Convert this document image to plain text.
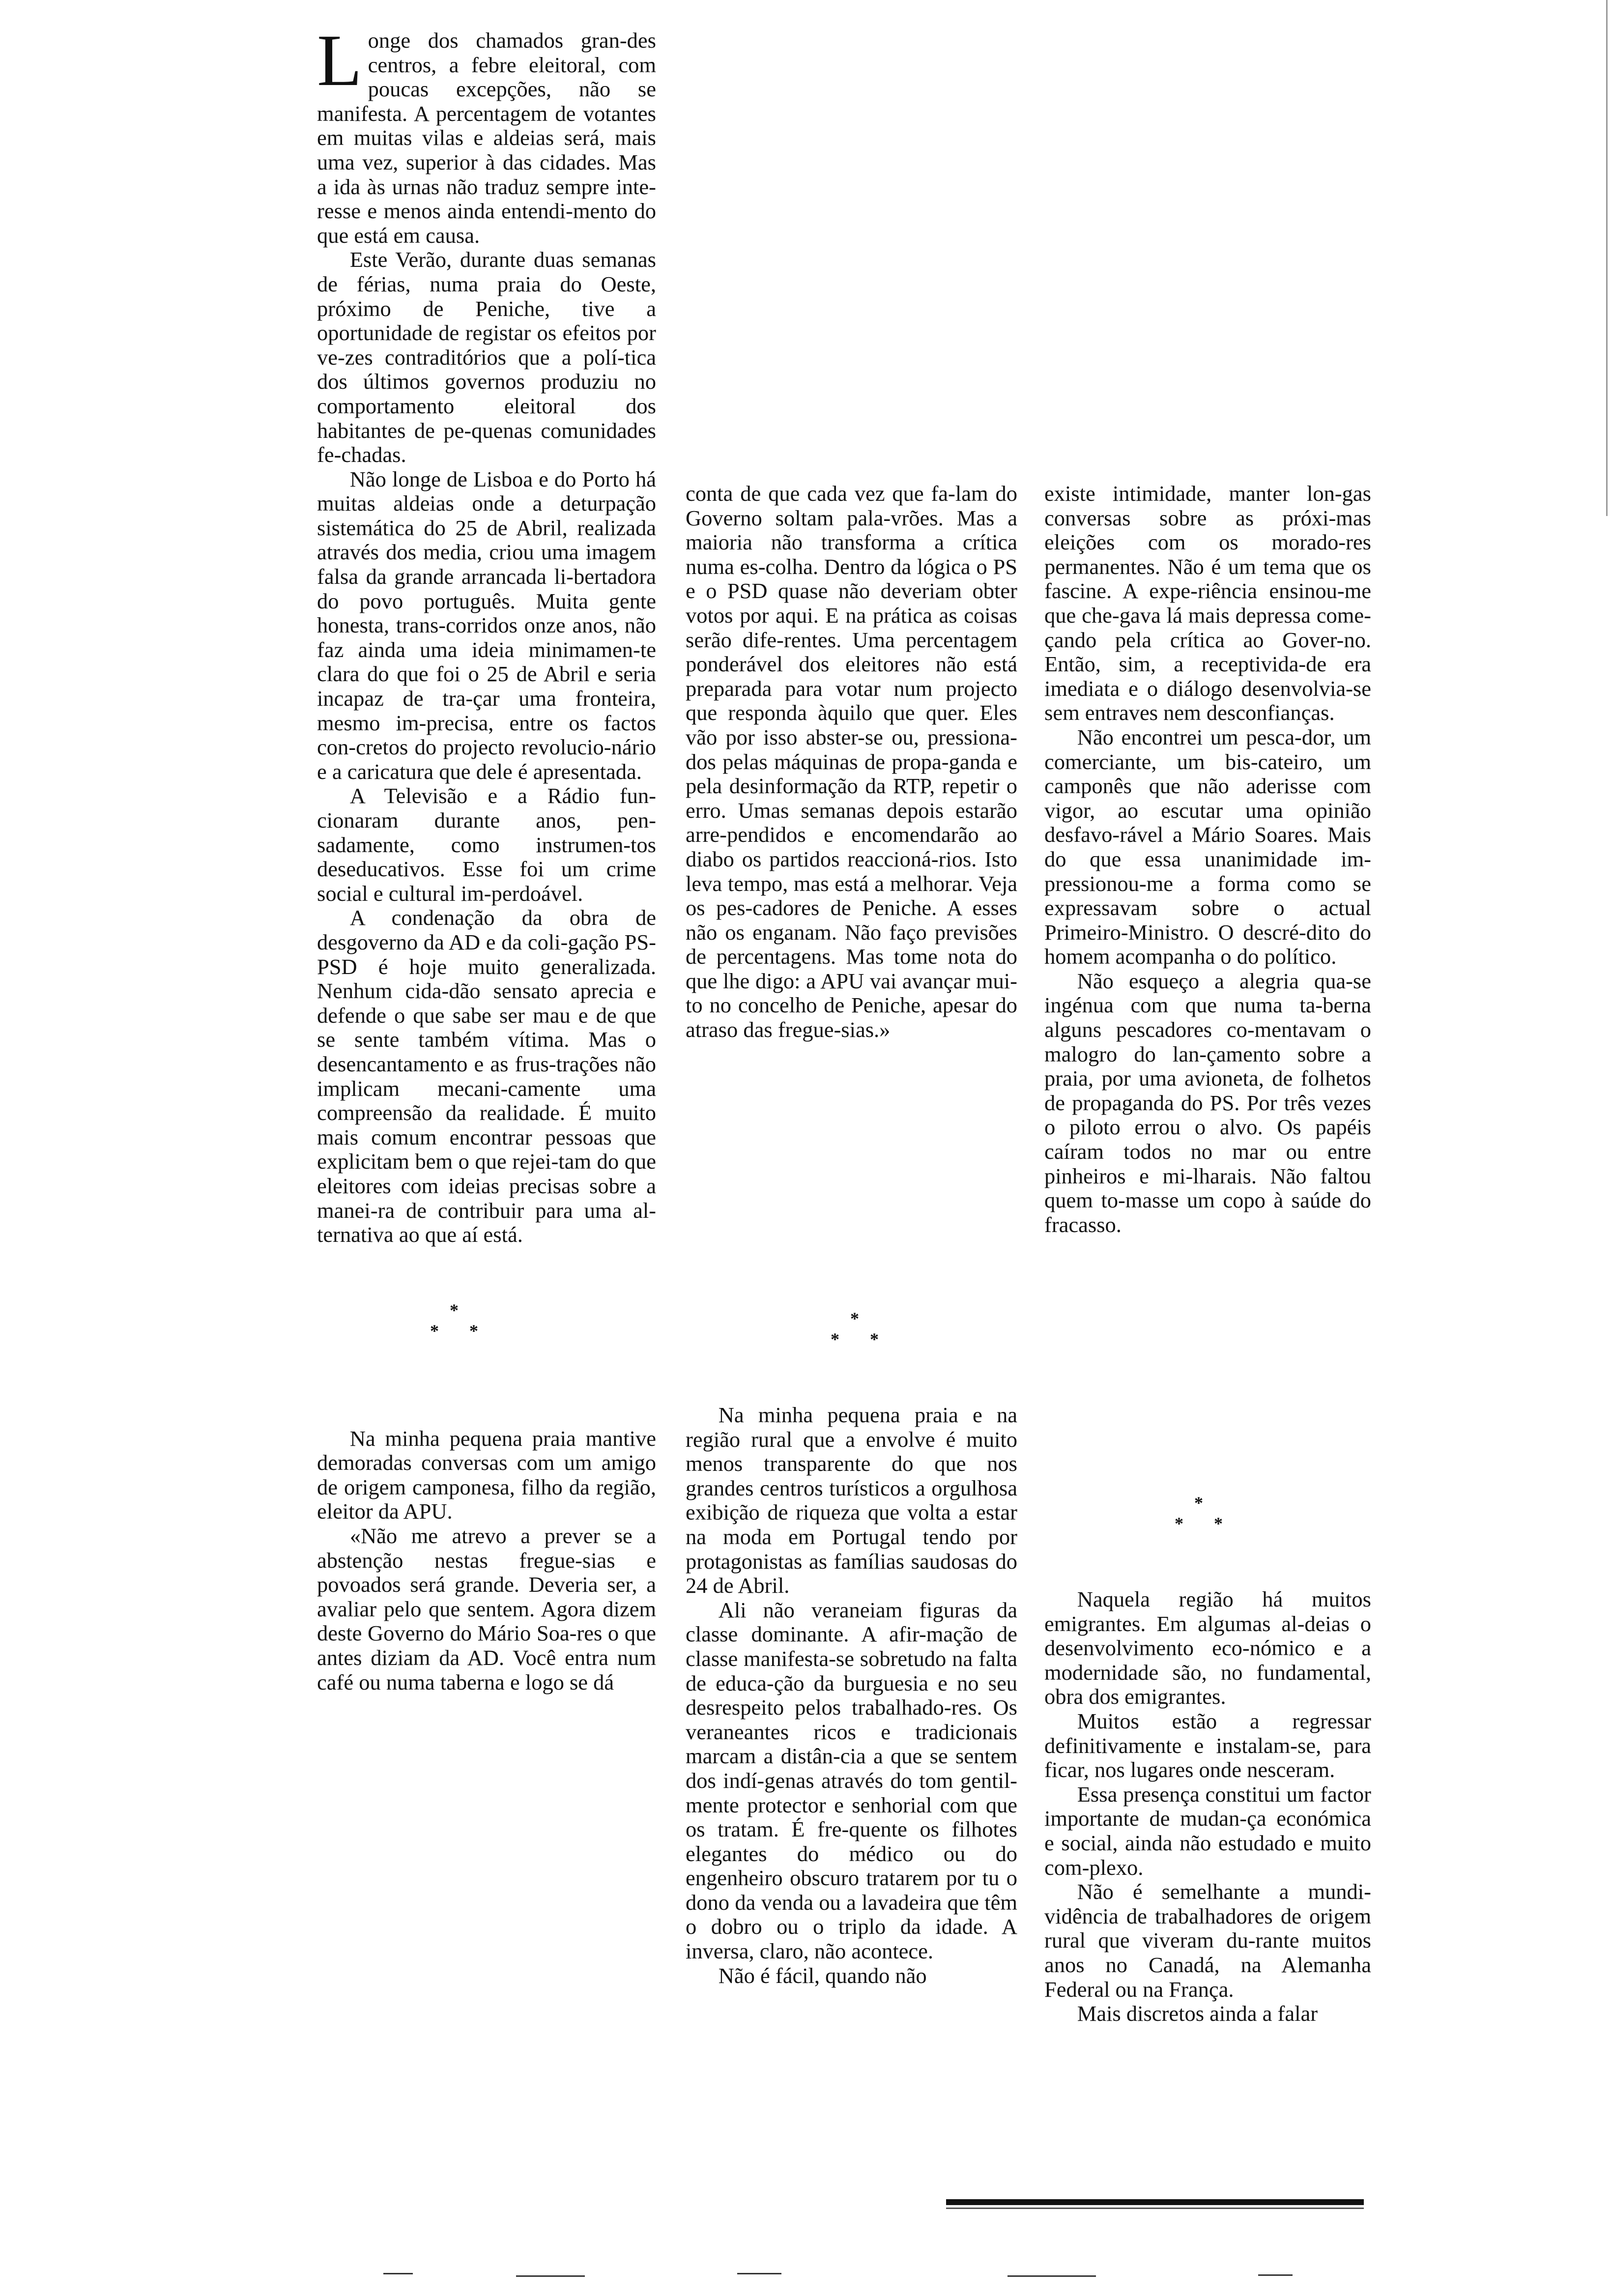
Longe dos chamados gran-des centros, a febre eleitoral, com poucas excepções, não se manifesta. A percentagem de votantes em muitas vilas e aldeias será, mais uma vez, superior à das cidades. Mas a ida às urnas não traduz sempre inte-resse e menos ainda entendi-mento do que está em causa.

Este Verão, durante duas semanas de férias, numa praia do Oeste, próximo de Peniche, tive a oportunidade de registar os efeitos por ve-zes contraditórios que a polí-tica dos últimos governos produziu no comportamento eleitoral dos habitantes de pe-quenas comunidades fe-chadas.

Não longe de Lisboa e do Porto há muitas aldeias onde a deturpação sistemática do 25 de Abril, realizada através dos media, criou uma imagem falsa da grande arrancada li-bertadora do povo português. Muita gente honesta, trans-corridos onze anos, não faz ainda uma ideia minimamen-te clara do que foi o 25 de Abril e seria incapaz de tra-çar uma fronteira, mesmo im-precisa, entre os factos con-cretos do projecto revolucio-nário e a caricatura que dele é apresentada.

A Televisão e a Rádio fun-cionaram durante anos, pen-sadamente, como instrumen-tos deseducativos. Esse foi um crime social e cultural im-perdoável.

A condenação da obra de desgoverno da AD e da coli-gação PS-PSD é hoje muito generalizada. Nenhum cida-dão sensato aprecia e defende o que sabe ser mau e de que se sente também vítima. Mas o desencantamento e as frus-trações não implicam mecani-camente uma compreensão da realidade. É muito mais comum encontrar pessoas que explicitam bem o que rejei-tam do que eleitores com ideias precisas sobre a manei-ra de contribuir para uma al-ternativa ao que aí está.

*
* *

Na minha pequena praia mantive demoradas conversas com um amigo de origem camponesa, filho da região, eleitor da APU.

«Não me atrevo a prever se a abstenção nestas fregue-sias e povoados será grande. Deveria ser, a avaliar pelo que sentem. Agora dizem deste Governo do Mário Soa-res o que antes diziam da AD. Você entra num café ou numa taberna e logo se dá

conta de que cada vez que fa-lam do Governo soltam pala-vrões. Mas a maioria não transforma a crítica numa es-colha. Dentro da lógica o PS e o PSD quase não deveriam obter votos por aqui. E na prática as coisas serão dife-rentes. Uma percentagem ponderável dos eleitores não está preparada para votar num projecto que responda àquilo que quer. Eles vão por isso abster-se ou, pressiona-dos pelas máquinas de propa-ganda e pela desinformação da RTP, repetir o erro. Umas semanas depois estarão arre-pendidos e encomendarão ao diabo os partidos reaccioná-rios. Isto leva tempo, mas está a melhorar. Veja os pes-cadores de Peniche. A esses não os enganam. Não faço previsões de percentagens. Mas tome nota do que lhe digo: a APU vai avançar mui-to no concelho de Peniche, apesar do atraso das fregue-sias.»

*
* *

Na minha pequena praia e na região rural que a envolve é muito menos transparente do que nos grandes centros turísticos a orgulhosa exibição de riqueza que volta a estar na moda em Portugal tendo por protagonistas as famílias saudosas do 24 de Abril.

Ali não veraneiam figuras da classe dominante. A afir-mação de classe manifesta-se sobretudo na falta de educa-ção da burguesia e no seu desrespeito pelos trabalhado-res. Os veraneantes ricos e tradicionais marcam a distân-cia a que se sentem dos indí-genas através do tom gentil-mente protector e senhorial com que os tratam. É fre-quente os filhotes elegantes do médico ou do engenheiro obscuro tratarem por tu o dono da venda ou a lavadeira que têm o dobro ou o triplo da idade. A inversa, claro, não acontece.

Não é fácil, quando não

existe intimidade, manter lon-gas conversas sobre as próxi-mas eleições com os morado-res permanentes. Não é um tema que os fascine. A expe-riência ensinou-me que che-gava lá mais depressa come-çando pela crítica ao Gover-no. Então, sim, a receptivida-de era imediata e o diálogo desenvolvia-se sem entraves nem desconfianças.

Não encontrei um pesca-dor, um comerciante, um bis-cateiro, um camponês que não aderisse com vigor, ao escutar uma opinião desfavo-rável a Mário Soares. Mais do que essa unanimidade im-pressionou-me a forma como se expressavam sobre o actual Primeiro-Ministro. O descré-dito do homem acompanha o do político.

Não esqueço a alegria qua-se ingénua com que numa ta-berna alguns pescadores co-mentavam o malogro do lan-çamento sobre a praia, por uma avioneta, de folhetos de propaganda do PS. Por três vezes o piloto errou o alvo. Os papéis caíram todos no mar ou entre pinheiros e mi-lharais. Não faltou quem to-masse um copo à saúde do fracasso.

*
* *

Naquela região há muitos emigrantes. Em algumas al-deias o desenvolvimento eco-nómico e a modernidade são, no fundamental, obra dos emigrantes.

Muitos estão a regressar definitivamente e instalam-se, para ficar, nos lugares onde nesceram.

Essa presença constitui um factor importante de mudan-ça económica e social, ainda não estudado e muito com-plexo.

Não é semelhante a mundi-vidência de trabalhadores de origem rural que viveram du-rante muitos anos no Canadá, na Alemanha Federal ou na França.

Mais discretos ainda a falar
